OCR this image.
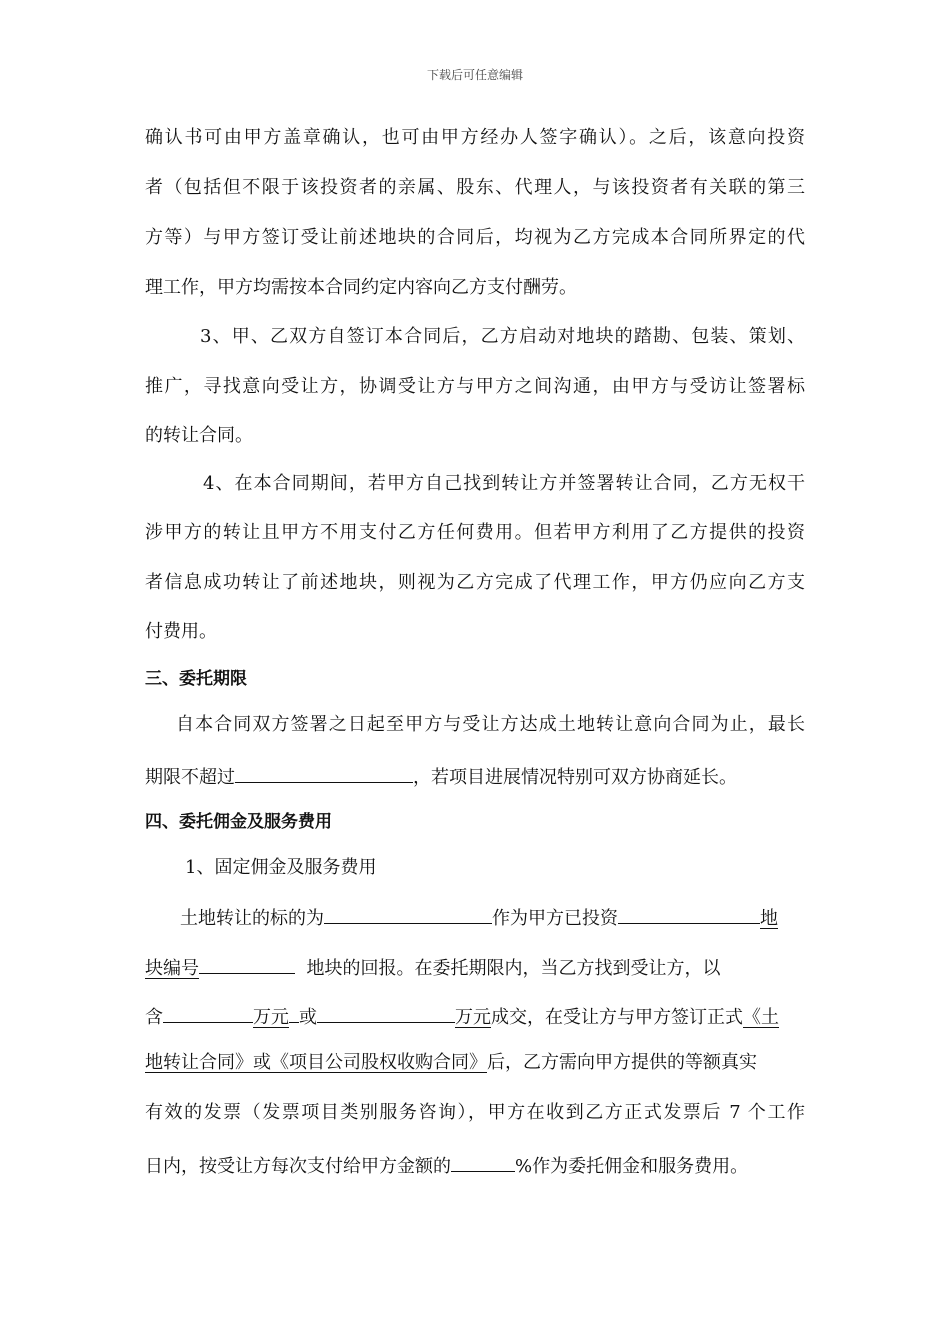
下载后可任意编辑
确认书可由甲方盖章确认，也可由甲方经办人签字确认）。之后，该意向投资
者（包括但不限于该投资者的亲属、股东、代理人，与该投资者有关联的第三
方等）与甲方签订受让前述地块的合同后，均视为乙方完成本合同所界定的代
理工作，甲方均需按本合同约定内容向乙方支付酬劳。
3、甲、乙双方自签订本合同后，乙方启动对地块的踏勘、包装、策划、
推广，寻找意向受让方，协调受让方与甲方之间沟通，由甲方与受访让签署标
的转让合同。
4、在本合同期间，若甲方自己找到转让方并签署转让合同，乙方无权干
涉甲方的转让且甲方不用支付乙方任何费用。但若甲方利用了乙方提供的投资
者信息成功转让了前述地块，则视为乙方完成了代理工作，甲方仍应向乙方支
付费用。
三、委托期限
自本合同双方签署之日起至甲方与受让方达成土地转让意向合同为止，最长
期限不超过	，若项目进展情况特别可双方协商延长。
四、委托佣金及服务费用
1、固定佣金及服务费用
土地转让的标的为	作为甲方已投资	地
块编号	地块的回报。在委托期限内，当乙方找到受让方，以
含	万元 或	万元成交，在受让方与甲方签订正式《土
地转让合同》或《项目公司股权收购合同》后，乙方需向甲方提供的等额真实
有效的发票（发票项目类别服务咨询），甲方在收到乙方正式发票后 7 个工作
日内，按受让方每次支付给甲方金额的	%作为委托佣金和服务费用。
